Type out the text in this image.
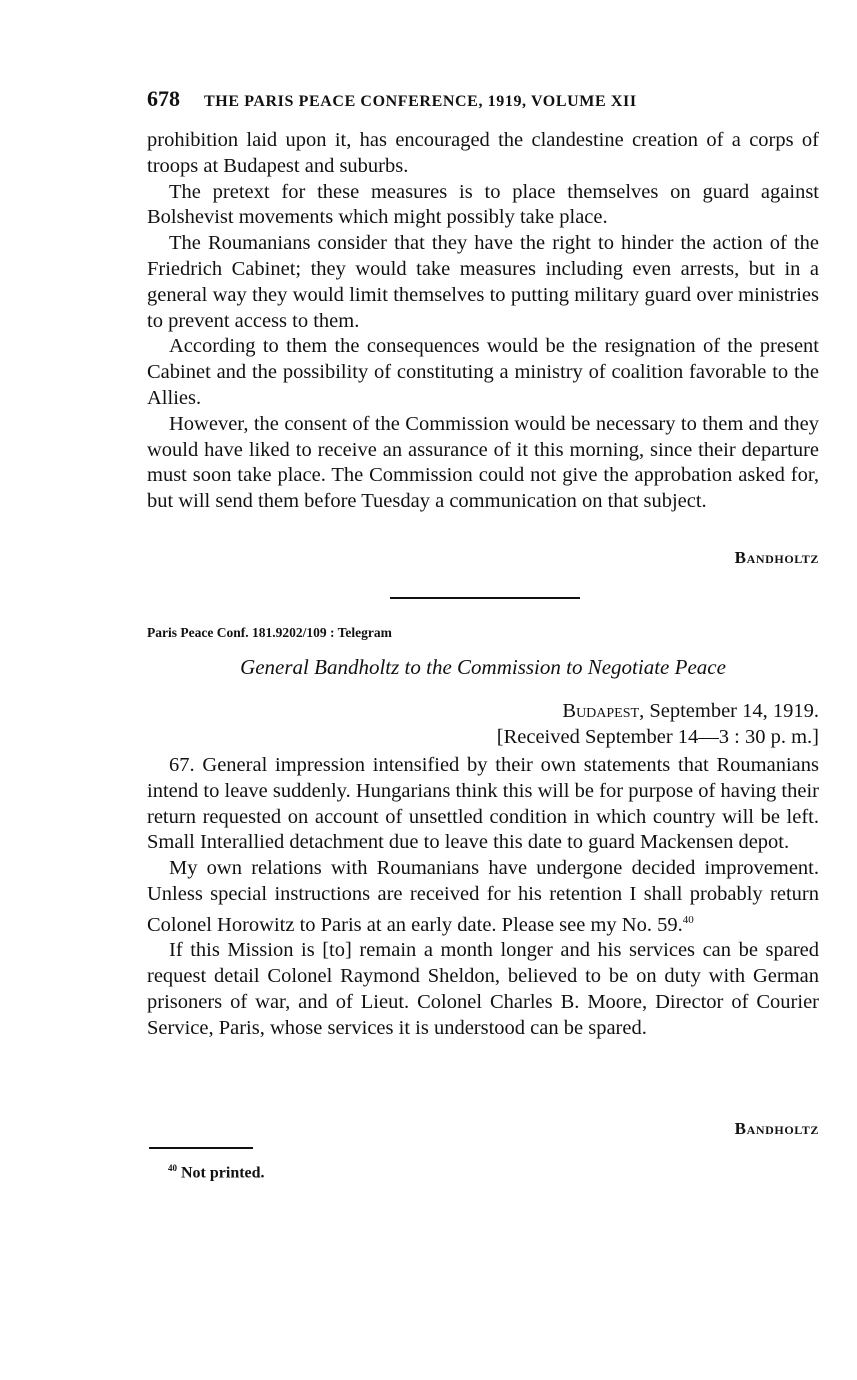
678 THE PARIS PEACE CONFERENCE, 1919, VOLUME XII

prohibition laid upon it, has encouraged the clandestine creation of a corps of troops at Budapest and suburbs.

The pretext for these measures is to place themselves on guard against Bolshevist movements which might possibly take place.

The Roumanians consider that they have the right to hinder the action of the Friedrich Cabinet; they would take measures including even arrests, but in a general way they would limit themselves to putting military guard over ministries to prevent access to them.

According to them the consequences would be the resignation of the present Cabinet and the possibility of constituting a ministry of coalition favorable to the Allies.

However, the consent of the Commission would be necessary to them and they would have liked to receive an assurance of it this morning, since their departure must soon take place. The Commission could not give the approbation asked for, but will send them before Tuesday a communication on that subject.

Bandholtz
Paris Peace Conf. 181.9202/109 : Telegram
General Bandholtz to the Commission to Negotiate Peace
Budapest, September 14, 1919.
[Received September 14—3 : 30 p. m.]

67. General impression intensified by their own statements that Roumanians intend to leave suddenly. Hungarians think this will be for purpose of having their return requested on account of unsettled condition in which country will be left. Small Interallied detachment due to leave this date to guard Mackensen depot.

My own relations with Roumanians have undergone decided improvement. Unless special instructions are received for his retention I shall probably return Colonel Horowitz to Paris at an early date. Please see my No. 59.40

If this Mission is [to] remain a month longer and his services can be spared request detail Colonel Raymond Sheldon, believed to be on duty with German prisoners of war, and of Lieut. Colonel Charles B. Moore, Director of Courier Service, Paris, whose services it is understood can be spared.

Bandholtz
$^{40}$ Not printed.
